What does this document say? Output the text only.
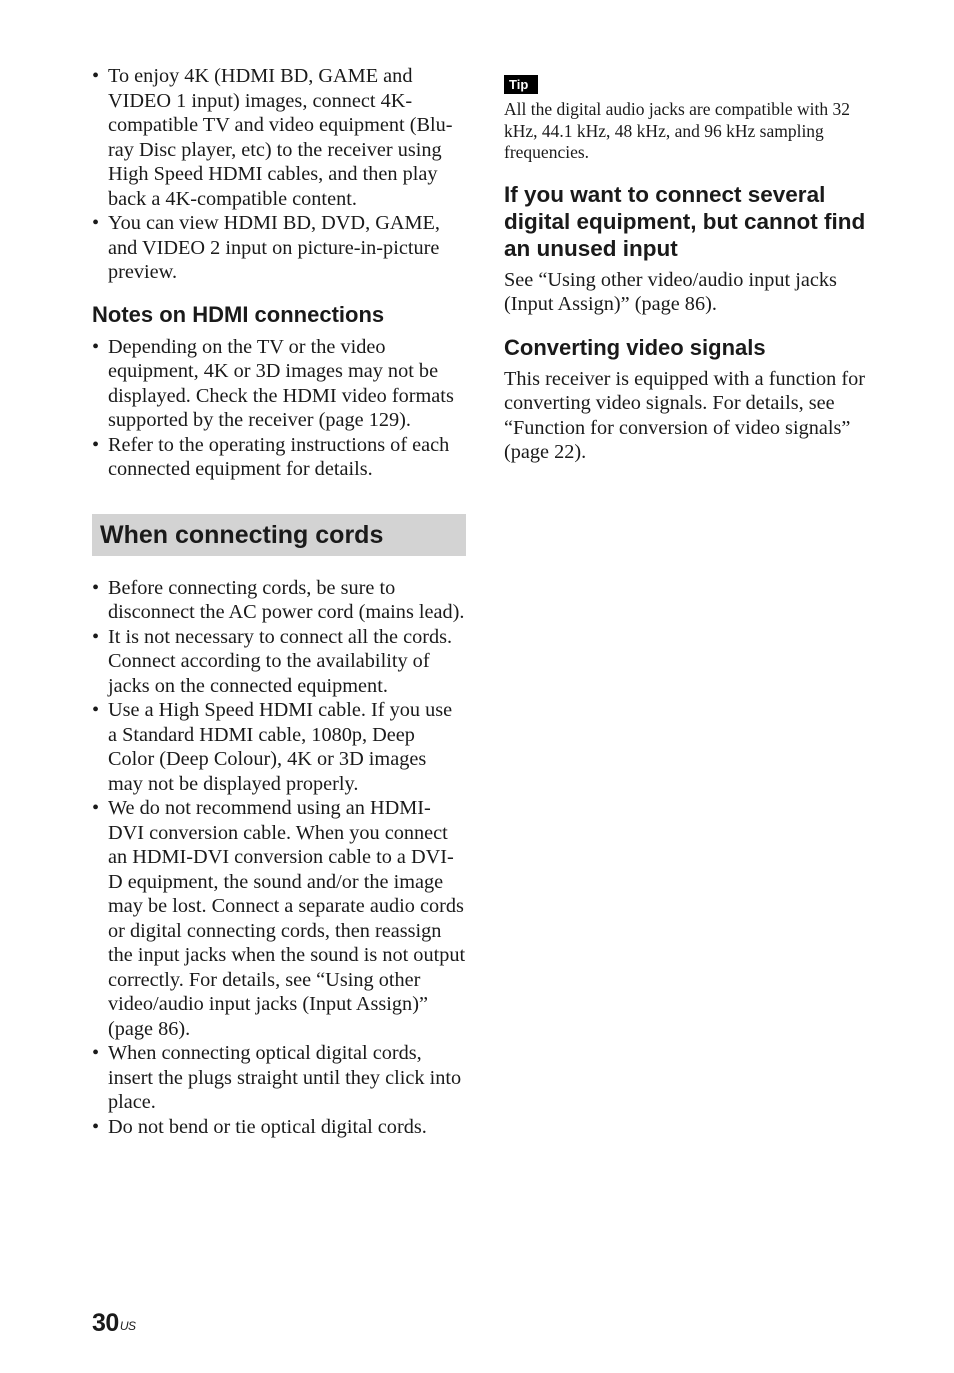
• To enjoy 4K (HDMI BD, GAME and VIDEO 1 input) images, connect 4K-compatible TV and video equipment (Blu-ray Disc player, etc) to the receiver using High Speed HDMI cables, and then play back a 4K-compatible content.
• You can view HDMI BD, DVD, GAME, and VIDEO 2 input on picture-in-picture preview.
Notes on HDMI connections
• Depending on the TV or the video equipment, 4K or 3D images may not be displayed. Check the HDMI video formats supported by the receiver (page 129).
• Refer to the operating instructions of each connected equipment for details.
When connecting cords
• Before connecting cords, be sure to disconnect the AC power cord (mains lead).
• It is not necessary to connect all the cords. Connect according to the availability of jacks on the connected equipment.
• Use a High Speed HDMI cable. If you use a Standard HDMI cable, 1080p, Deep Color (Deep Colour), 4K or 3D images may not be displayed properly.
• We do not recommend using an HDMI-DVI conversion cable. When you connect an HDMI-DVI conversion cable to a DVI-D equipment, the sound and/or the image may be lost. Connect a separate audio cords or digital connecting cords, then reassign the input jacks when the sound is not output correctly. For details, see “Using other video/audio input jacks (Input Assign)” (page 86).
• When connecting optical digital cords, insert the plugs straight until they click into place.
• Do not bend or tie optical digital cords.
Tip

All the digital audio jacks are compatible with 32 kHz, 44.1 kHz, 48 kHz, and 96 kHz sampling frequencies.

If you want to connect several digital equipment, but cannot find an unused input

See “Using other video/audio input jacks (Input Assign)” (page 86).

Converting video signals

This receiver is equipped with a function for converting video signals. For details, see “Function for conversion of video signals” (page 22).

$30^{US}$
